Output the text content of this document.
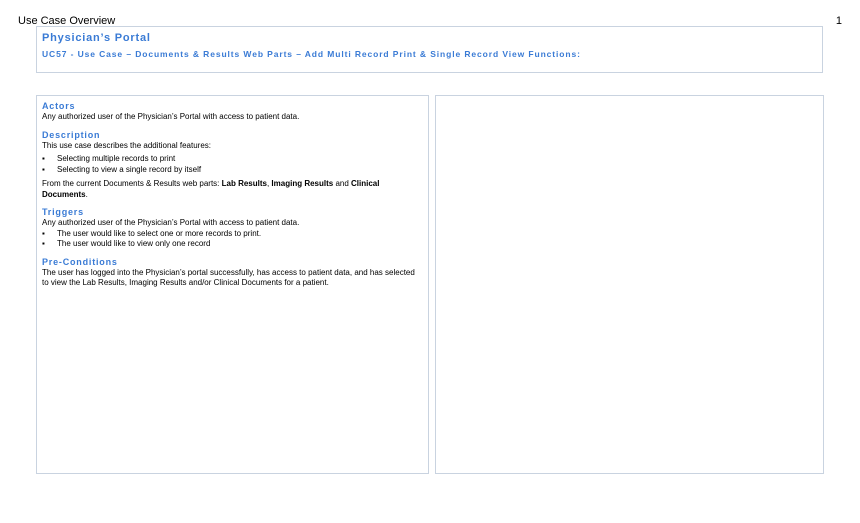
Use Case Overview	1
Physician’s Portal
UC57 - Use Case – Documents & Results Web Parts – Add Multi Record Print & Single Record View Functions:
Actors

Any authorized user of the Physician’s Portal with access to patient data.

Description

This use case describes the additional features:

▪ Selecting multiple records to print
▪ Selecting to view a single record by itself

From the current Documents & Results web parts: Lab Results, Imaging Results and Clinical Documents.

Triggers

Any authorized user of the Physician’s Portal with access to patient data.

▪ The user would like to select one or more records to print.
▪ The user would like to view only one record
Pre-Conditions

The user has logged into the Physician’s portal successfully, has access to patient data, and has selected to view the Lab Results, Imaging Results and/or Clinical Documents for a patient.
